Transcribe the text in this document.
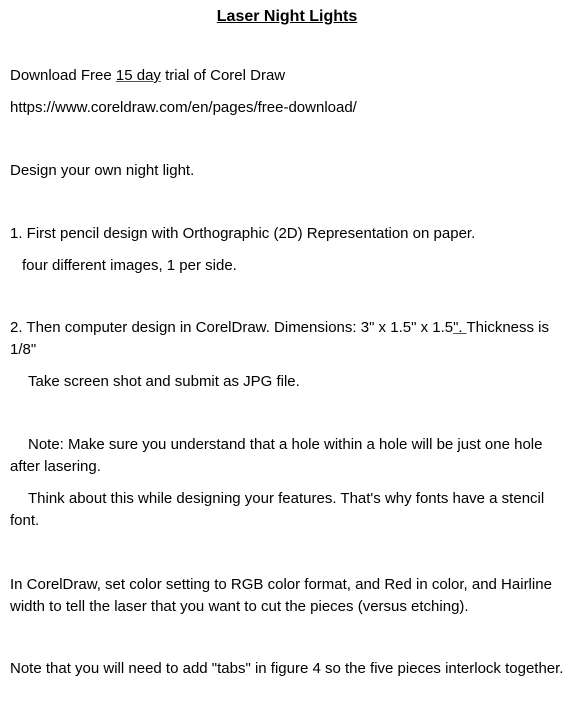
Laser Night Lights
Download Free 15 day trial of Corel Draw
https://www.coreldraw.com/en/pages/free-download/
Design your own night light.
1. First pencil design with Orthographic (2D) Representation on paper.
four different images, 1 per side.
2. Then computer design in CorelDraw. Dimensions: 3" x 1.5" x 1.5". Thickness is 1/8"
Take screen shot and submit as JPG file.
Note: Make sure you understand that a hole within a hole will be just one hole after lasering.
Think about this while designing your features. That's why fonts have a stencil font.
In CorelDraw, set color setting to RGB color format, and Red in color, and Hairline width to tell the laser that you want to cut the pieces (versus etching).
Note that you will need to add "tabs" in figure 4 so the five pieces interlock together.
